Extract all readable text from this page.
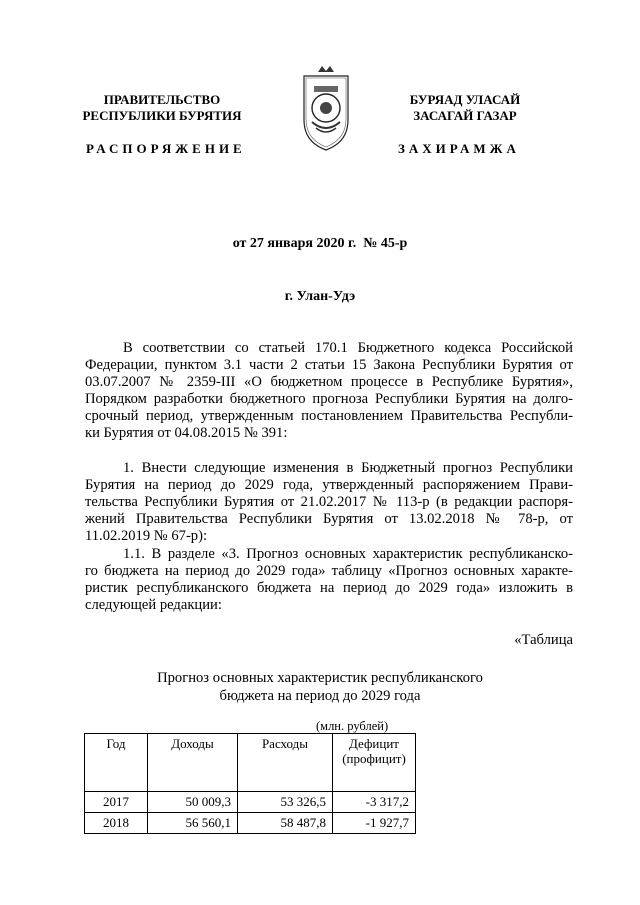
ПРАВИТЕЛЬСТВО
РЕСПУБЛИКИ БУРЯТИЯ
БУРЯАД УЛАСАЙ
ЗАСАГАЙ ГАЗАР
РАСПОРЯЖЕНИЕ	ЗАХИРАМЖА
от 27 января 2020 г.  № 45-р
г. Улан-Удэ
В соответствии со статьей 170.1 Бюджетного кодекса Российской
Федерации, пунктом 3.1 части 2 статьи 15 Закона Республики Бурятия от
03.07.2007 № 2359-III «О бюджетном процессе в Республике Бурятия»,
Порядком разработки бюджетного прогноза Республики Бурятия на долго-
срочный период, утвержденным постановлением Правительства Республи-
ки Бурятия от 04.08.2015 № 391:
1. Внести следующие изменения в Бюджетный прогноз Республики
Бурятия на период до 2029 года, утвержденный распоряжением Прави-
тельства Республики Бурятия от 21.02.2017 № 113-р (в редакции распоря-
жений Правительства Республики Бурятия от 13.02.2018 № 78-р, от
11.02.2019 № 67-р):
1.1. В разделе «3. Прогноз основных характеристик республиканско-
го бюджета на период до 2029 года» таблицу «Прогноз основных характе-
ристик республиканского бюджета на период до 2029 года» изложить в
следующей редакции:
«Таблица
Прогноз основных характеристик республиканского
бюджета на период до 2029 года
(млн. рублей)
Год	Доходы	Расходы	Дефицит
(профицит)

2017	50 009,3	53 326,5	-3 317,2
2018	56 560,1	58 487,8	-1 927,7
